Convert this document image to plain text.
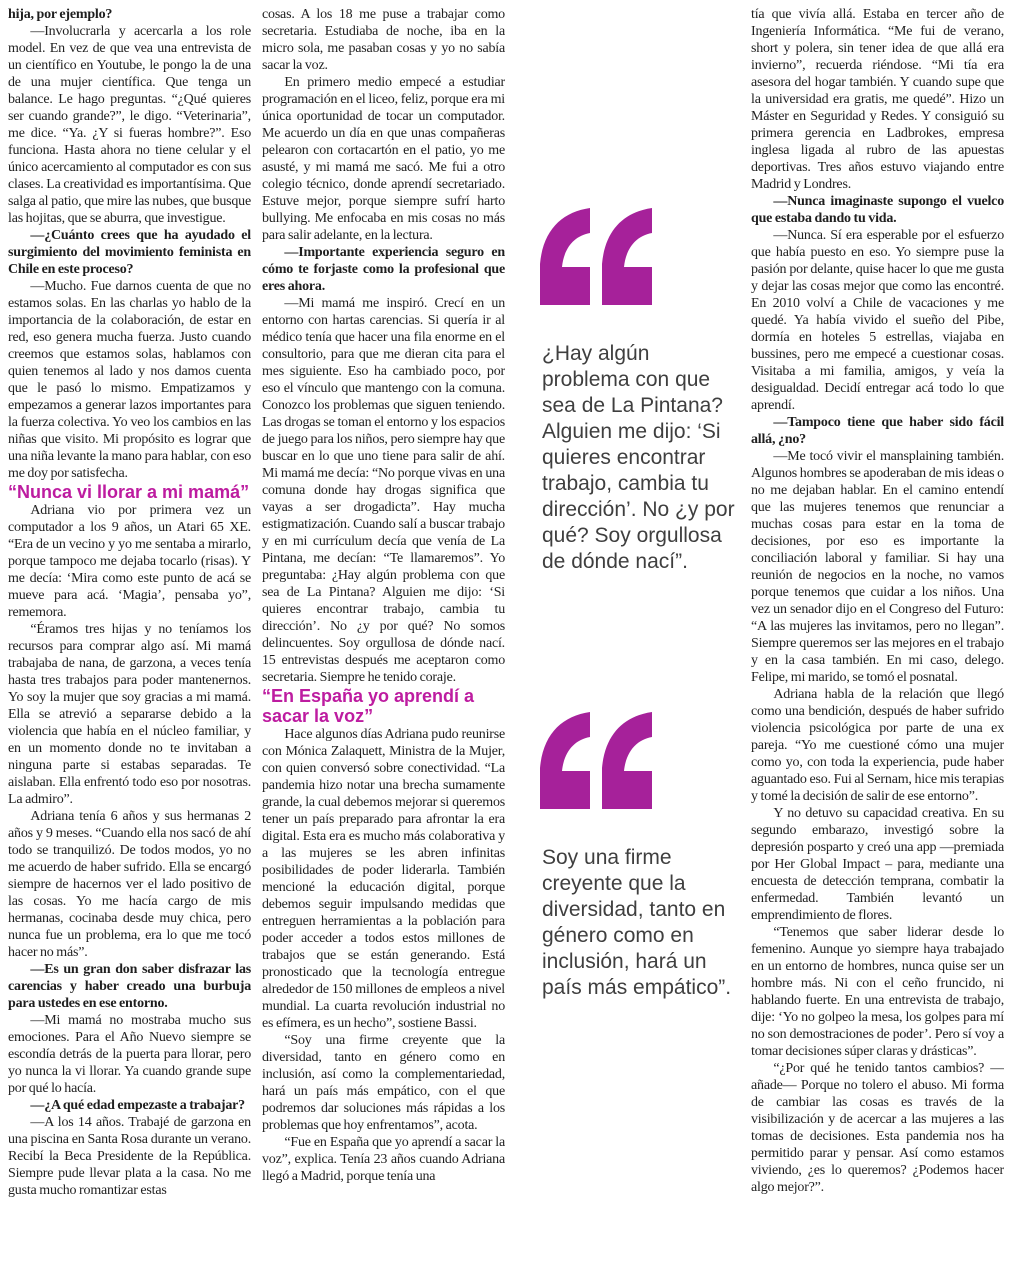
hija, por ejemplo?

—Involucrarla y acercarla a los role model. En vez de que vea una entrevista de un científico en Youtube, le pongo la de una de una mujer científica. Que tenga un balance. Le hago preguntas. “¿Qué quieres ser cuando grande?”, le digo. “Veterinaria”, me dice. “Ya. ¿Y si fueras hombre?”. Eso funciona. Hasta ahora no tiene celular y el único acercamiento al computador es con sus clases. La creatividad es importantísima. Que salga al patio, que mire las nubes, que busque las hojitas, que se aburra, que investigue.

—¿Cuánto crees que ha ayudado el surgimiento del movimiento feminista en Chile en este proceso?

—Mucho. Fue darnos cuenta de que no estamos solas. En las charlas yo hablo de la importancia de la colaboración, de estar en red, eso genera mucha fuerza. Justo cuando creemos que estamos solas, hablamos con quien tenemos al lado y nos damos cuenta que le pasó lo mismo. Empatizamos y empezamos a generar lazos importantes para la fuerza colectiva. Yo veo los cambios en las niñas que visito. Mi propósito es lograr que una niña levante la mano para hablar, con eso me doy por satisfecha.

“Nunca vi llorar a mi mamá”

Adriana vio por primera vez un computador a los 9 años, un Atari 65 XE. “Era de un vecino y yo me sentaba a mirarlo, porque tampoco me dejaba tocarlo (risas). Y me decía: ‘Mira como este punto de acá se mueve para acá. ‘Magia’, pensaba yo”, rememora.

“Éramos tres hijas y no teníamos los recursos para comprar algo así. Mi mamá trabajaba de nana, de garzona, a veces tenía hasta tres trabajos para poder mantenernos. Yo soy la mujer que soy gracias a mi mamá. Ella se atrevió a separarse debido a la violencia que había en el núcleo familiar, y en un momento donde no te invitaban a ninguna parte si estabas separadas. Te aislaban. Ella enfrentó todo eso por nosotras. La admiro”.

Adriana tenía 6 años y sus hermanas 2 años y 9 meses. “Cuando ella nos sacó de ahí todo se tranquilizó. De todos modos, yo no me acuerdo de haber sufrido. Ella se encargó siempre de hacernos ver el lado positivo de las cosas. Yo me hacía cargo de mis hermanas, cocinaba desde muy chica, pero nunca fue un problema, era lo que me tocó hacer no más”.

—Es un gran don saber disfrazar las carencias y haber creado una burbuja para ustedes en ese entorno.

—Mi mamá no mostraba mucho sus emociones. Para el Año Nuevo siempre se escondía detrás de la puerta para llorar, pero yo nunca la vi llorar. Ya cuando grande supe por qué lo hacía.

—¿A qué edad empezaste a trabajar?

—A los 14 años. Trabajé de garzona en una piscina en Santa Rosa durante un verano. Recibí la Beca Presidente de la República. Siempre pude llevar plata a la casa. No me gusta mucho romantizar estas

cosas. A los 18 me puse a trabajar como secretaria. Estudiaba de noche, iba en la micro sola, me pasaban cosas y yo no sabía sacar la voz.

En primero medio empecé a estudiar programación en el liceo, feliz, porque era mi única oportunidad de tocar un computador. Me acuerdo un día en que unas compañeras pelearon con cortacartón en el patio, yo me asusté, y mi mamá me sacó. Me fui a otro colegio técnico, donde aprendí secretariado. Estuve mejor, porque siempre sufrí harto bullying. Me enfocaba en mis cosas no más para salir adelante, en la lectura.

—Importante experiencia seguro en cómo te forjaste como la profesional que eres ahora.

—Mi mamá me inspiró. Crecí en un entorno con hartas carencias. Si quería ir al médico tenía que hacer una fila enorme en el consultorio, para que me dieran cita para el mes siguiente. Eso ha cambiado poco, por eso el vínculo que mantengo con la comuna. Conozco los problemas que siguen teniendo. Las drogas se toman el entorno y los espacios de juego para los niños, pero siempre hay que buscar en lo que uno tiene para salir de ahí. Mi mamá me decía: “No porque vivas en una comuna donde hay drogas significa que vayas a ser drogadicta”. Hay mucha estigmatización. Cuando salí a buscar trabajo y en mi currículum decía que venía de La Pintana, me decían: “Te llamaremos”. Yo preguntaba: ¿Hay algún problema con que sea de La Pintana? Alguien me dijo: ‘Si quieres encontrar trabajo, cambia tu dirección’. No ¿y por qué? No somos delincuentes. Soy orgullosa de dónde nací. 15 entrevistas después me aceptaron como secretaria. Siempre he tenido coraje.

“En España yo aprendí a sacar la voz”

Hace algunos días Adriana pudo reunirse con Mónica Zalaquett, Ministra de la Mujer, con quien conversó sobre conectividad. “La pandemia hizo notar una brecha sumamente grande, la cual debemos mejorar si queremos tener un país preparado para afrontar la era digital. Esta era es mucho más colaborativa y a las mujeres se les abren infinitas posibilidades de poder liderarla. También mencioné la educación digital, porque debemos seguir impulsando medidas que entreguen herramientas a la población para poder acceder a todos estos millones de trabajos que se están generando. Está pronosticado que la tecnología entregue alrededor de 150 millones de empleos a nivel mundial. La cuarta revolución industrial no es efímera, es un hecho”, sostiene Bassi.

“Soy una firme creyente que la diversidad, tanto en género como en inclusión, así como la complementariedad, hará un país más empático, con el que podremos dar soluciones más rápidas a los problemas que hoy enfrentamos”, acota.

“Fue en España que yo aprendí a sacar la voz”, explica. Tenía 23 años cuando Adriana llegó a Madrid, porque tenía una

tía que vivía allá. Estaba en tercer año de Ingeniería Informática. “Me fui de verano, short y polera, sin tener idea de que allá era invierno”, recuerda riéndose. “Mi tía era asesora del hogar también. Y cuando supe que la universidad era gratis, me quedé”. Hizo un Máster en Seguridad y Redes. Y consiguió su primera gerencia en Ladbrokes, empresa inglesa ligada al rubro de las apuestas deportivas. Tres años estuvo viajando entre Madrid y Londres.

—Nunca imaginaste supongo el vuelco que estaba dando tu vida.

—Nunca. Sí era esperable por el esfuerzo que había puesto en eso. Yo siempre puse la pasión por delante, quise hacer lo que me gusta y dejar las cosas mejor que como las encontré. En 2010 volví a Chile de vacaciones y me quedé. Ya había vivido el sueño del Pibe, dormía en hoteles 5 estrellas, viajaba en bussines, pero me empecé a cuestionar cosas. Visitaba a mi familia, amigos, y veía la desigualdad. Decidí entregar acá todo lo que aprendí.

—Tampoco tiene que haber sido fácil allá, ¿no?

—Me tocó vivir el mansplaining también. Algunos hombres se apoderaban de mis ideas o no me dejaban hablar. En el camino entendí que las mujeres tenemos que renunciar a muchas cosas para estar en la toma de decisiones, por eso es importante la conciliación laboral y familiar. Si hay una reunión de negocios en la noche, no vamos porque tenemos que cuidar a los niños. Una vez un senador dijo en el Congreso del Futuro: “A las mujeres las invitamos, pero no llegan”. Siempre queremos ser las mejores en el trabajo y en la casa también. En mi caso, delego. Felipe, mi marido, se tomó el posnatal.

Adriana habla de la relación que llegó como una bendición, después de haber sufrido violencia psicológica por parte de una ex pareja. “Yo me cuestioné cómo una mujer como yo, con toda la experiencia, pude haber aguantado eso. Fui al Sernam, hice mis terapias y tomé la decisión de salir de ese entorno”.

Y no detuvo su capacidad creativa. En su segundo embarazo, investigó sobre la depresión posparto y creó una app —premiada por Her Global Impact – para, mediante una encuesta de detección temprana, combatir la enfermedad. También levantó un emprendimiento de flores.

“Tenemos que saber liderar desde lo femenino. Aunque yo siempre haya trabajado en un entorno de hombres, nunca quise ser un hombre más. Ni con el ceño fruncido, ni hablando fuerte. En una entrevista de trabajo, dije: ‘Yo no golpeo la mesa, los golpes para mí no son demostraciones de poder’. Pero sí voy a tomar decisiones súper claras y drásticas”.

“¿Por qué he tenido tantos cambios? —añade— Porque no tolero el abuso. Mi forma de cambiar las cosas es través de la visibilización y de acercar a las mujeres a las tomas de decisiones. Esta pandemia nos ha permitido parar y pensar. Así como estamos viviendo, ¿es lo queremos? ¿Podemos hacer algo mejor?”.

¿Hay algún problema con que sea de La Pintana? Alguien me dijo: ‘Si quieres encontrar trabajo, cambia tu dirección’. No ¿y por qué? Soy orgullosa de dónde nací”.

Soy una firme creyente que la diversidad, tanto en género como en inclusión, hará un país más empático”.
